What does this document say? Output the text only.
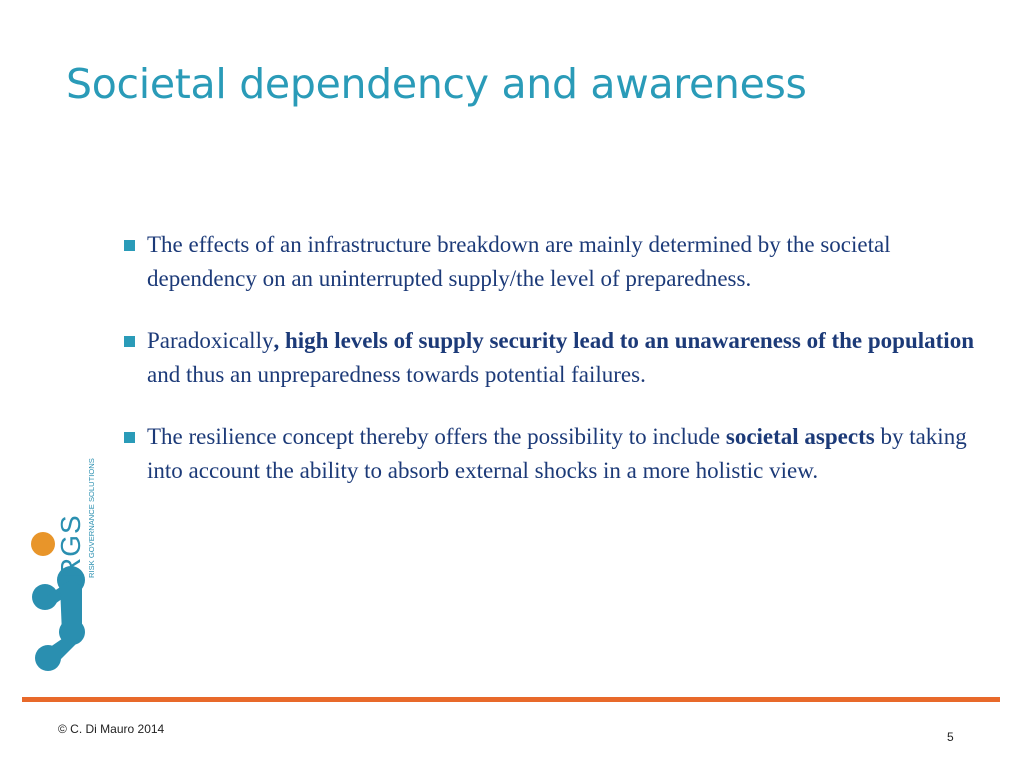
Societal dependency and awareness
The effects of an infrastructure breakdown are mainly determined by the societal dependency on an uninterrupted supply/the level of preparedness.
Paradoxically, high levels of supply security lead to an unawareness of the population and thus an unpreparedness towards potential failures.
The resilience concept thereby offers the possibility to include societal aspects by taking into account the ability to absorb external shocks in a more holistic view.
RGS RISK GOVERNANCE SOLUTIONS
© C. Di Mauro 2014
5
